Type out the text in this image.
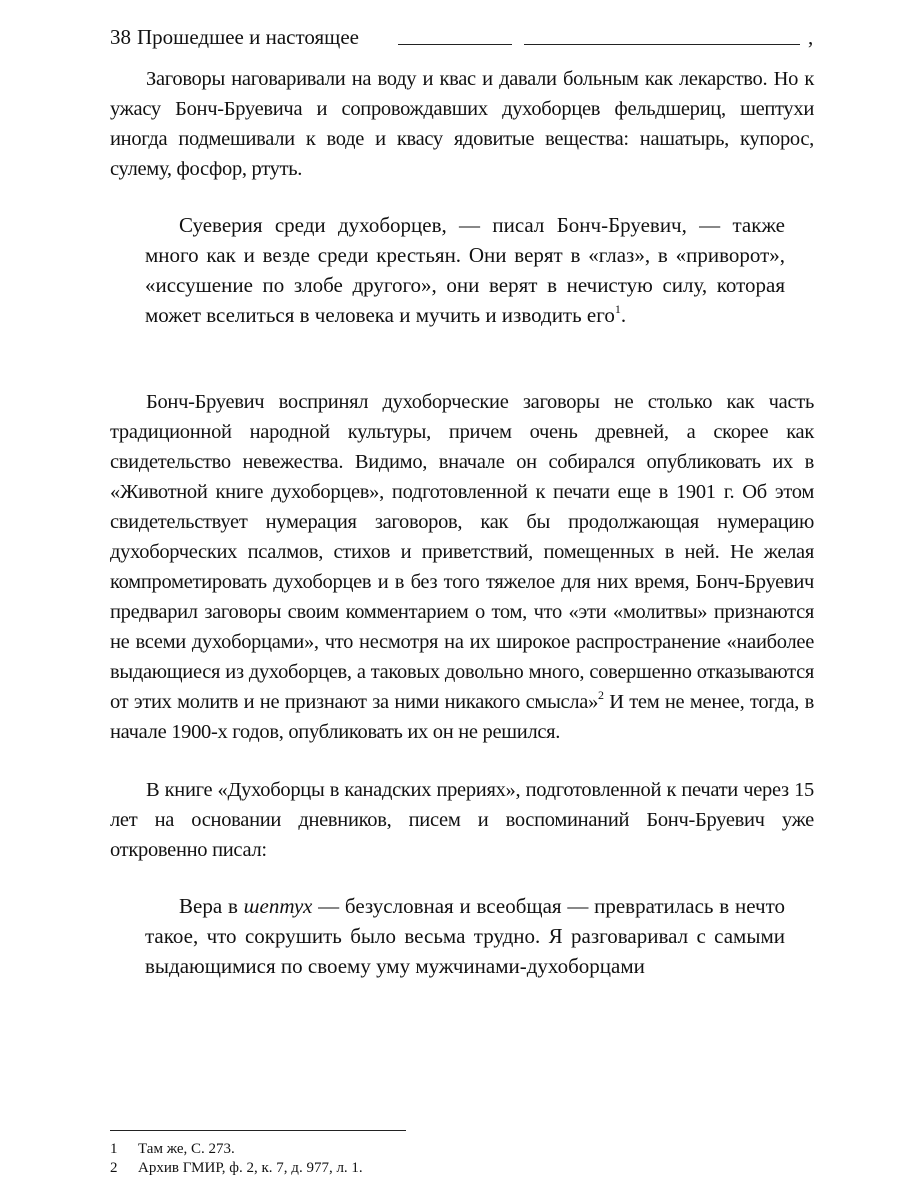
38 Прошедшее и настоящее	,

Заговоры наговаривали на воду и квас и давали больным как лекарство. Но к ужасу Бонч-Бруевича и сопровождавших духоборцев фельдшериц, шептухи иногда подмешивали к воде и квасу ядовитые вещества: нашатырь, купорос, сулему, фосфор, ртуть.

Суеверия среди духоборцев, — писал Бонч-Бруевич, — также много как и везде среди крестьян. Они верят в «глаз», в «приворот», «иссушение по злобе другого», они верят в нечистую силу, которая может вселиться в человека и мучить и изводить его$^1$.

Бонч-Бруевич воспринял духоборческие заговоры не столько как часть традиционной народной культуры, причем очень древней, а скорее как свидетельство невежества. Видимо, вначале он собирался опубликовать их в «Животной книге духоборцев», подготовленной к печати еще в 1901 г. Об этом свидетельствует нумерация заговоров, как бы продолжающая нумерацию духоборческих псалмов, стихов и приветствий, помещенных в ней. Не желая компрометировать духоборцев и в без того тяжелое для них время, Бонч-Бруевич предварил заговоры своим комментарием о том, что «эти «молитвы» признаются не всеми духоборцами», что несмотря на их широкое распространение «наиболее выдающиеся из духоборцев, а таковых довольно много, совершенно отказываются от этих молитв и не признают за ними никакого смысла»$^2$ И тем не менее, тогда, в начале 1900-х годов, опубликовать их он не решился.

В книге «Духоборцы в канадских прериях», подготовленной к печати через 15 лет на основании дневников, писем и воспоминаний Бонч-Бруевич уже откровенно писал:

Вера в шептух — безусловная и всеобщая — превратилась в нечто такое, что сокрушить было весьма трудно. Я разговаривал с самыми выдающимися по своему уму мужчинами-духоборцами

1	Там же, С. 273.
2	Архив ГМИР, ф. 2, к. 7, д. 977, л. 1.
